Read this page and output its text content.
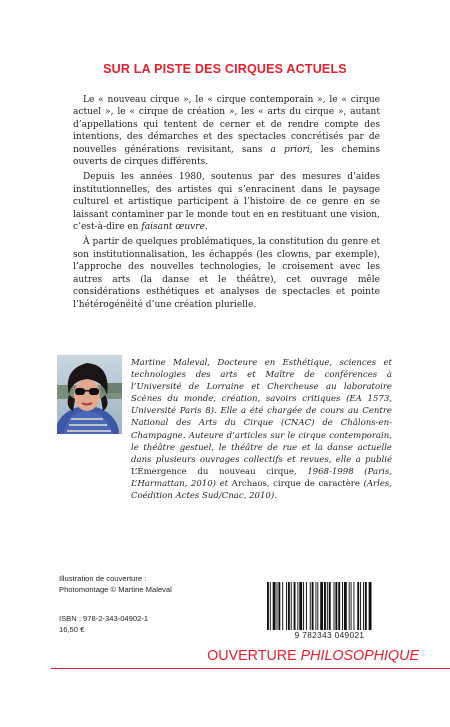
SUR LA PISTE DES CIRQUES ACTUELS

Le « nouveau cirque », le « cirque contemporain », le « cirque actuel », le « cirque de création », les « arts du cirque », autant d’appellations qui tentent de cerner et de rendre compte des intentions, des démarches et des spectacles concrétisés par de nouvelles générations revisitant, sans a priori, les chemins ouverts de cirques différents.

Depuis les années 1980, soutenus par des mesures d’aides institutionnelles, des artistes qui s’enracinent dans le paysage culturel et artistique participent à l’histoire de ce genre en se laissant contaminer par le monde tout en en restituant une vision, c’est-à-dire en faisant œuvre.

À partir de quelques problématiques, la constitution du genre et son institutionnalisation, les échappés (les clowns, par exemple), l’approche des nouvelles technologies, le croisement avec les autres arts (la danse et le théâtre), cet ouvrage mêle considérations esthétiques et analyses de spectacles et pointe l’hétérogénéité d’une création plurielle.

Martine Maleval, Docteure en Esthétique, sciences et technologies des arts et Maître de conférences à l’Université de Lorraine et Chercheuse au laboratoire Scènes du monde, création, savoirs critiques (EA 1573, Université Paris 8). Elle a été chargée de cours au Centre National des Arts du Cirque (CNAC) de Châlons-en-Champagne. Auteure d’articles sur le cirque contemporain, le théâtre gestuel, le théâtre de rue et la danse actuelle dans plusieurs ouvrages collectifs et revues, elle a publié L’Émergence du nouveau cirque, 1968-1998 (Paris, L’Harmattan, 2010) et Archaos, cirque de caractère (Arles, Coédition Actes Sud/Cnac, 2010).
Illustration de couverture :
Photomontage © Martine Maleval
ISBN : 978-2-343-04902-1
16,50 €
9 782343 049021
OUVERTURE PHILOSOPHIQUE
